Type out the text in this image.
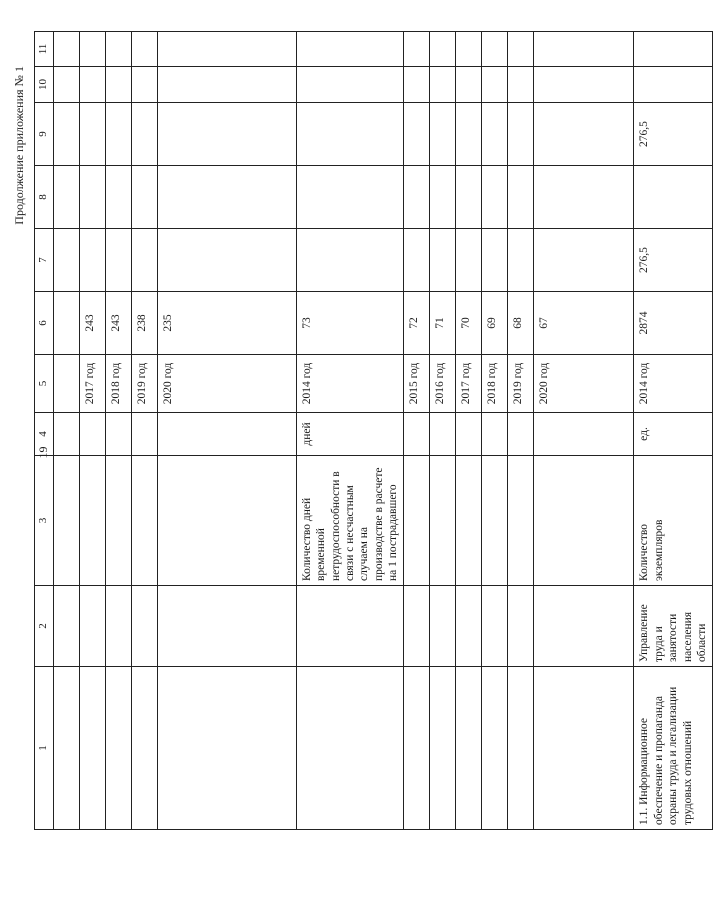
19
Продолжение приложения № 1
1	2	3	4	5	6	7	8	9	10	11

				2017 год	243					
				2018 год	243					
				2019 год	238					
				2020 год	235					
		Количество дней временной нетрудоспособности в связи с несчастным случаем на производстве в расчете на 1 пострадавшего	дней	2014 год	73					
				2015 год	72					
				2016 год	71					
				2017 год	70					
				2018 год	69					
				2019 год	68					
				2020 год	67					
1.1. Информационное обеспечение и пропаганда охраны труда и легализации трудовых отношений	Управление труда и занятости населения области	Количество экземпляров	ед.	2014 год	2874	276,5		276,5		
